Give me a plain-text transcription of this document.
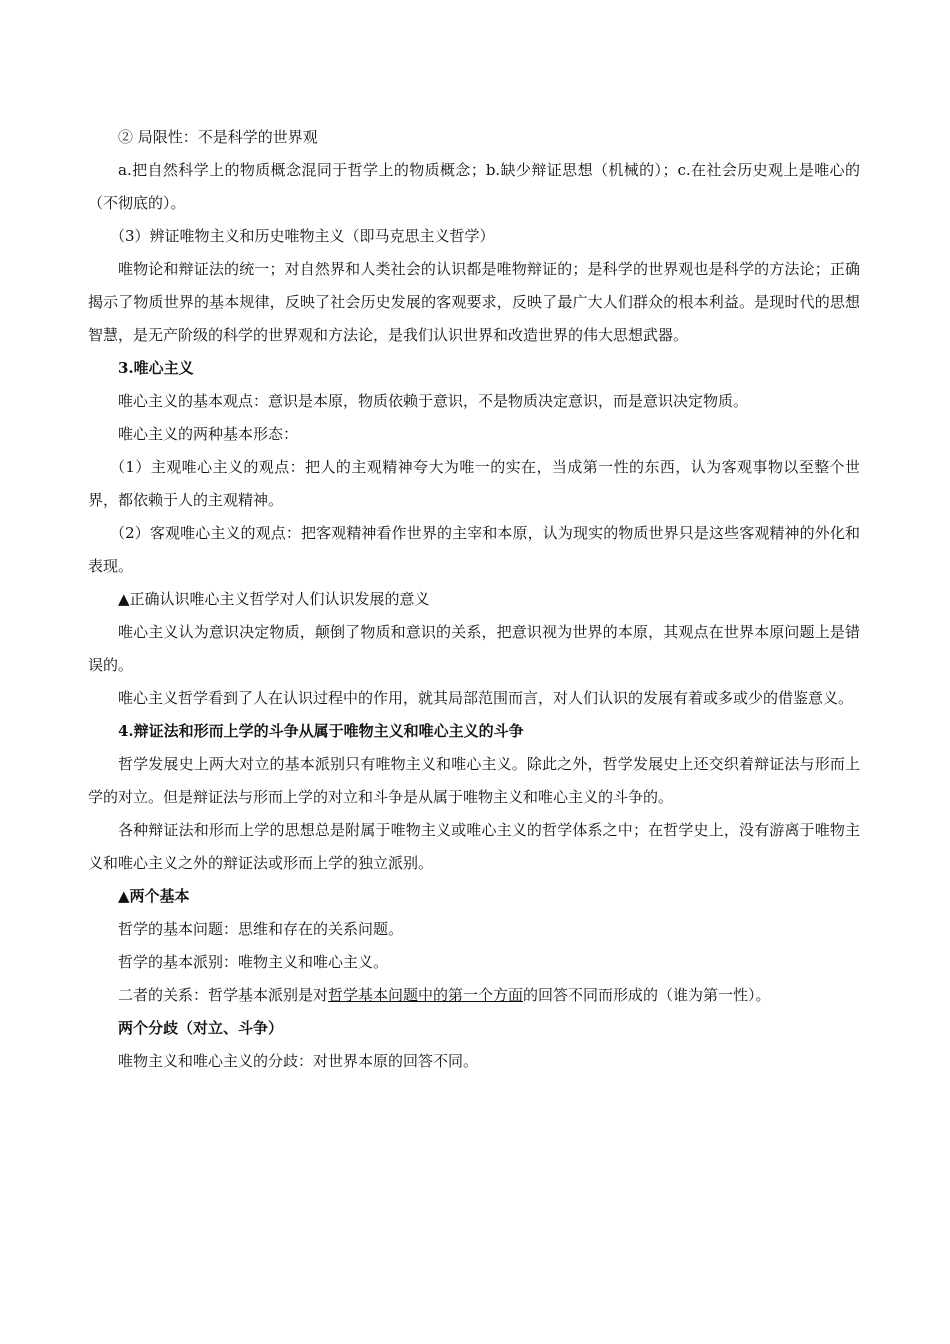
② 局限性：不是科学的世界观

a.把自然科学上的物质概念混同于哲学上的物质概念；b.缺少辩证思想（机械的）；c.在社会历史观上是唯心的（不彻底的）。

（3）辨证唯物主义和历史唯物主义（即马克思主义哲学）

唯物论和辩证法的统一；对自然界和人类社会的认识都是唯物辩证的；是科学的世界观也是科学的方法论；正确揭示了物质世界的基本规律，反映了社会历史发展的客观要求，反映了最广大人们群众的根本利益。是现时代的思想智慧，是无产阶级的科学的世界观和方法论，是我们认识世界和改造世界的伟大思想武器。

3.唯心主义

唯心主义的基本观点：意识是本原，物质依赖于意识，不是物质决定意识，而是意识决定物质。

唯心主义的两种基本形态：

（1）主观唯心主义的观点：把人的主观精神夸大为唯一的实在，当成第一性的东西，认为客观事物以至整个世界，都依赖于人的主观精神。

（2）客观唯心主义的观点：把客观精神看作世界的主宰和本原，认为现实的物质世界只是这些客观精神的外化和表现。

▲正确认识唯心主义哲学对人们认识发展的意义

唯心主义认为意识决定物质，颠倒了物质和意识的关系，把意识视为世界的本原，其观点在世界本原问题上是错误的。

唯心主义哲学看到了人在认识过程中的作用，就其局部范围而言，对人们认识的发展有着或多或少的借鉴意义。

4.辩证法和形而上学的斗争从属于唯物主义和唯心主义的斗争

哲学发展史上两大对立的基本派别只有唯物主义和唯心主义。除此之外，哲学发展史上还交织着辩证法与形而上学的对立。但是辩证法与形而上学的对立和斗争是从属于唯物主义和唯心主义的斗争的。

各种辩证法和形而上学的思想总是附属于唯物主义或唯心主义的哲学体系之中；在哲学史上，没有游离于唯物主义和唯心主义之外的辩证法或形而上学的独立派别。

▲两个基本

哲学的基本问题：思维和存在的关系问题。

哲学的基本派别：唯物主义和唯心主义。

二者的关系：哲学基本派别是对哲学基本问题中的第一个方面的回答不同而形成的（谁为第一性）。

两个分歧（对立、斗争）

唯物主义和唯心主义的分歧：对世界本原的回答不同。
